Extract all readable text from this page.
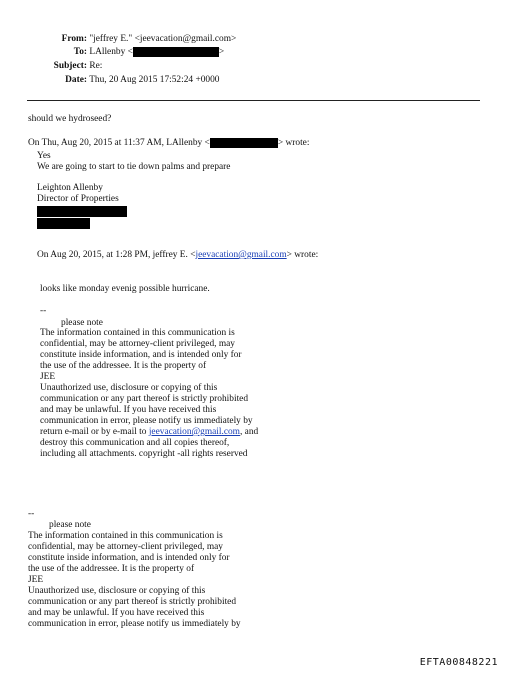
From: "jeffrey E." <jeevacation@gmail.com>
To: LAllenby <	>
Subject: Re:
Date: Thu, 20 Aug 2015 17:52:24 +0000
should we hydroseed?
On Thu, Aug 20, 2015 at 11:37 AM, LAllenby <	> wrote:
Yes
We are going to start to tie down palms and prepare
Leighton Allenby
Director of Properties
On Aug 20, 2015, at 1:28 PM, jeffrey E. <jeevacation@gmail.com> wrote:
looks like monday evenig possible hurricane.
--
please note
The information contained in this communication is
confidential, may be attorney-client privileged, may
constitute inside information, and is intended only for
the use of the addressee. It is the property of
JEE
Unauthorized use, disclosure or copying of this
communication or any part thereof is strictly prohibited
and may be unlawful. If you have received this
communication in error, please notify us immediately by
return e-mail or by e-mail to jeevacation@gmail.com, and
destroy this communication and all copies thereof,
including all attachments. copyright -all rights reserved
--
please note
The information contained in this communication is
confidential, may be attorney-client privileged, may
constitute inside information, and is intended only for
the use of the addressee. It is the property of
JEE
Unauthorized use, disclosure or copying of this
communication or any part thereof is strictly prohibited
and may be unlawful. If you have received this
communication in error, please notify us immediately by
EFTA00848221
